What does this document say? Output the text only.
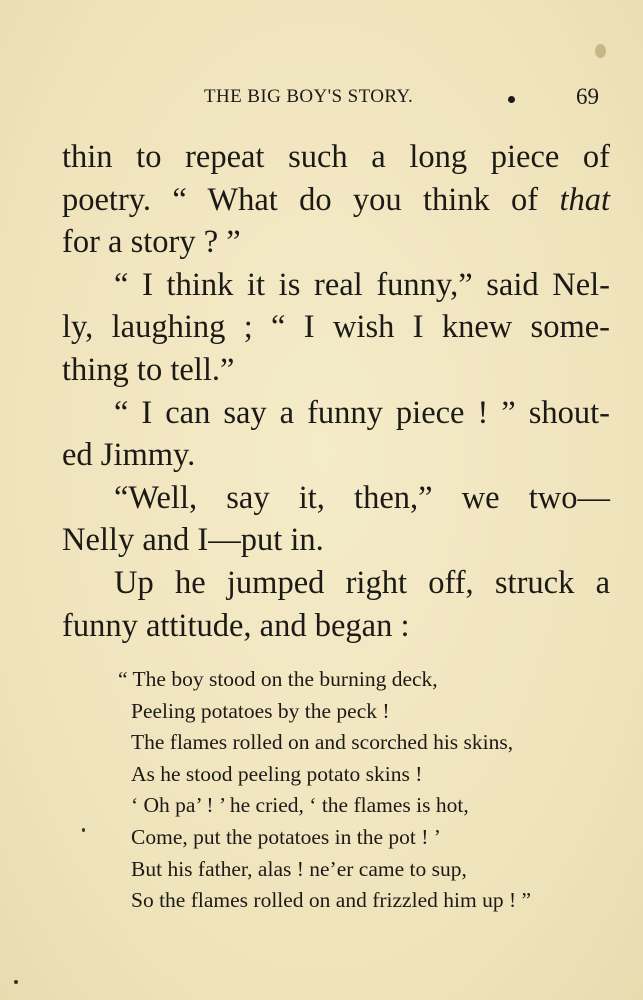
THE BIG BOY'S STORY.	69
thin to repeat such a long piece of
poetry. “ What do you think of that
for a story ? ”
“ I think it is real funny,” said Nel-
ly, laughing ; “ I wish I knew some-
thing to tell.”
“ I can say a funny piece ! ” shout-
ed Jimmy.
“Well, say it, then,” we two—
Nelly and I—put in.
Up he jumped right off, struck a
funny attitude, and began :
“ The boy stood on the burning deck,
Peeling potatoes by the peck !
The flames rolled on and scorched his skins,
As he stood peeling potato skins !
‘ Oh pa’ ! ’ he cried, ‘ the flames is hot,
Come, put the potatoes in the pot ! ’
But his father, alas ! ne’er came to sup,
So the flames rolled on and frizzled him up ! ”
